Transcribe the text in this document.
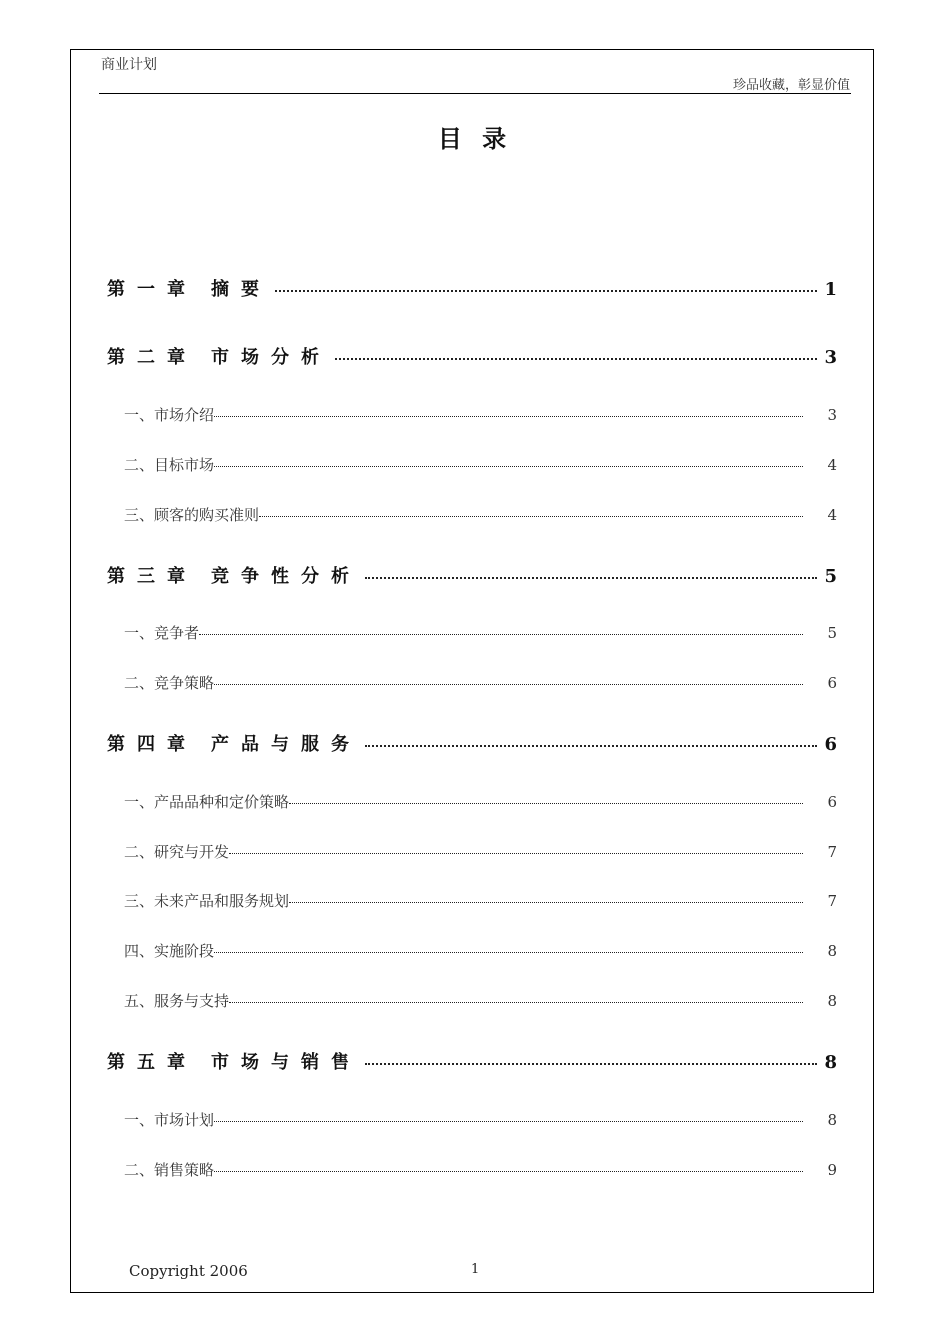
商业计划
珍品收藏，彰显价值
目 录
第一章 摘要	1
第二章 市场分析	3
一、市场介绍	3
二、目标市场	4
三、顾客的购买准则	4
第三章 竞争性分析	5
一、竞争者	5
二、竞争策略	6
第四章 产品与服务	6
一、产品品种和定价策略	6
二、研究与开发	7
三、未来产品和服务规划	7
四、实施阶段	8
五、服务与支持	8
第五章 市场与销售	8
一、市场计划	8
二、销售策略	9
Copyright 2006	1
